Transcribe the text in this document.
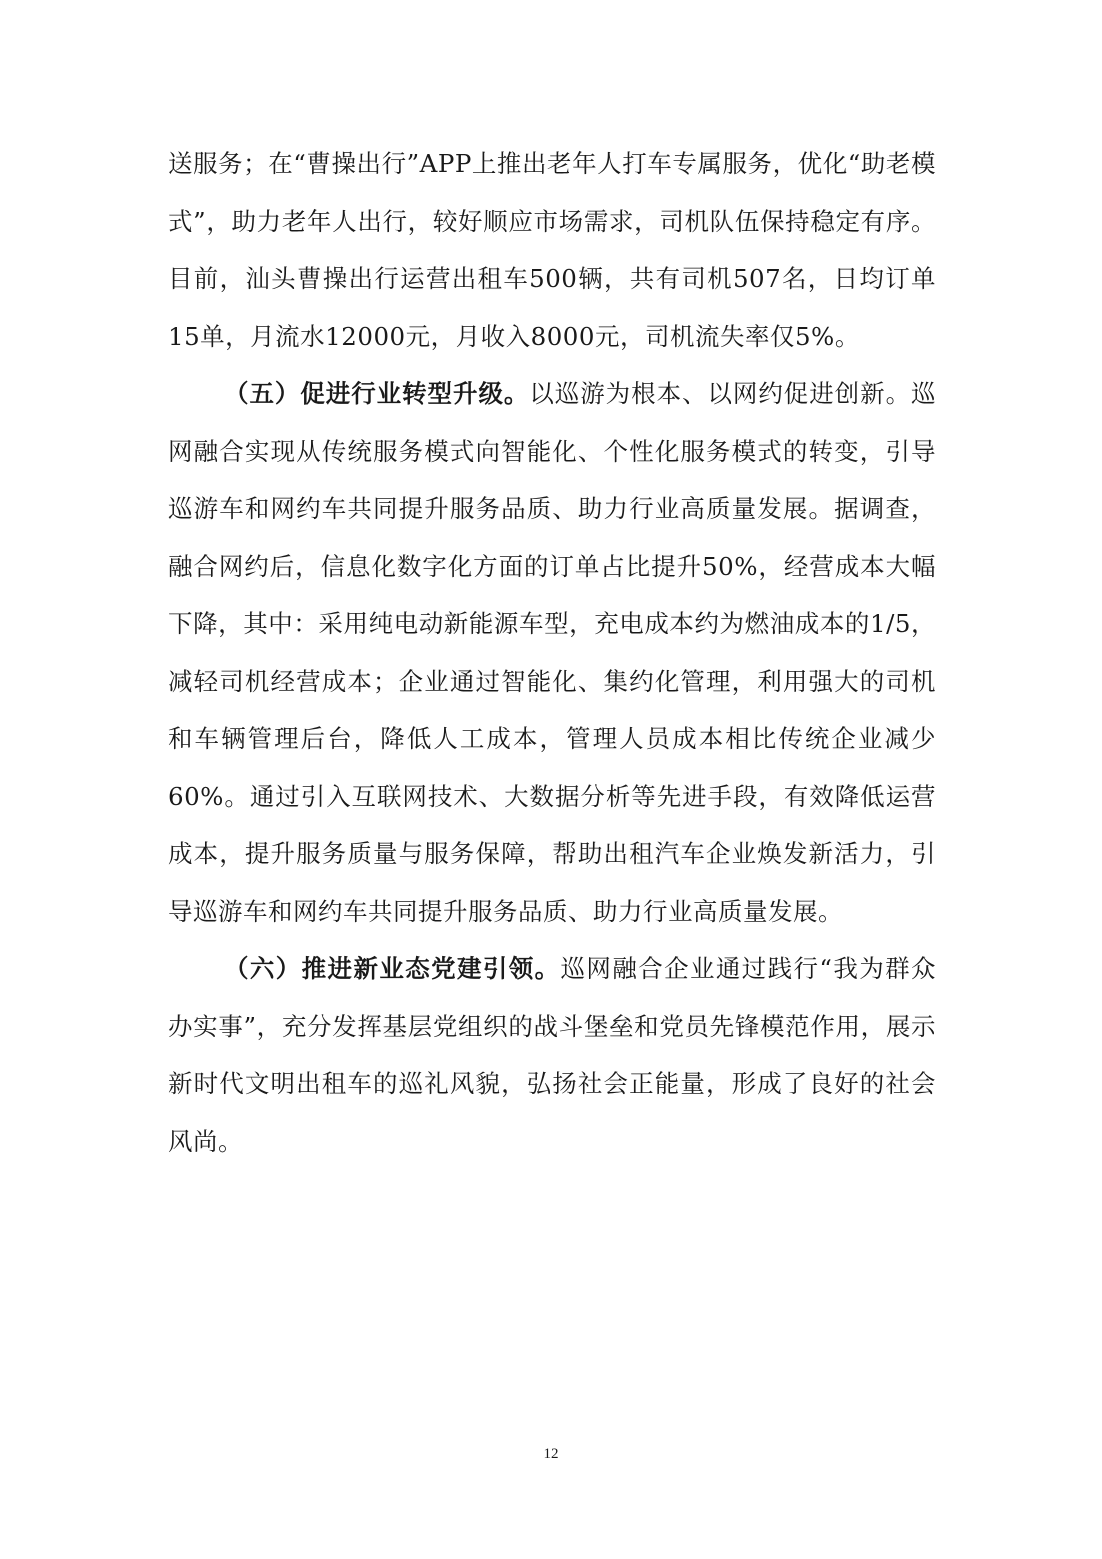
送服务；在“曹操出行”APP上推出老年人打车专属服务，优化“助老模式”，助力老年人出行，较好顺应市场需求，司机队伍保持稳定有序。目前，汕头曹操出行运营出租车500辆，共有司机507名，日均订单15单，月流水12000元，月收入8000元，司机流失率仅5%。

（五）促进行业转型升级。以巡游为根本、以网约促进创新。巡网融合实现从传统服务模式向智能化、个性化服务模式的转变，引导巡游车和网约车共同提升服务品质、助力行业高质量发展。据调查，融合网约后，信息化数字化方面的订单占比提升50%，经营成本大幅下降，其中：采用纯电动新能源车型，充电成本约为燃油成本的1/5，减轻司机经营成本；企业通过智能化、集约化管理，利用强大的司机和车辆管理后台，降低人工成本，管理人员成本相比传统企业减少60%。通过引入互联网技术、大数据分析等先进手段，有效降低运营成本，提升服务质量与服务保障，帮助出租汽车企业焕发新活力，引导巡游车和网约车共同提升服务品质、助力行业高质量发展。

（六）推进新业态党建引领。巡网融合企业通过践行“我为群众办实事”，充分发挥基层党组织的战斗堡垒和党员先锋模范作用，展示新时代文明出租车的巡礼风貌，弘扬社会正能量，形成了良好的社会风尚。

12
